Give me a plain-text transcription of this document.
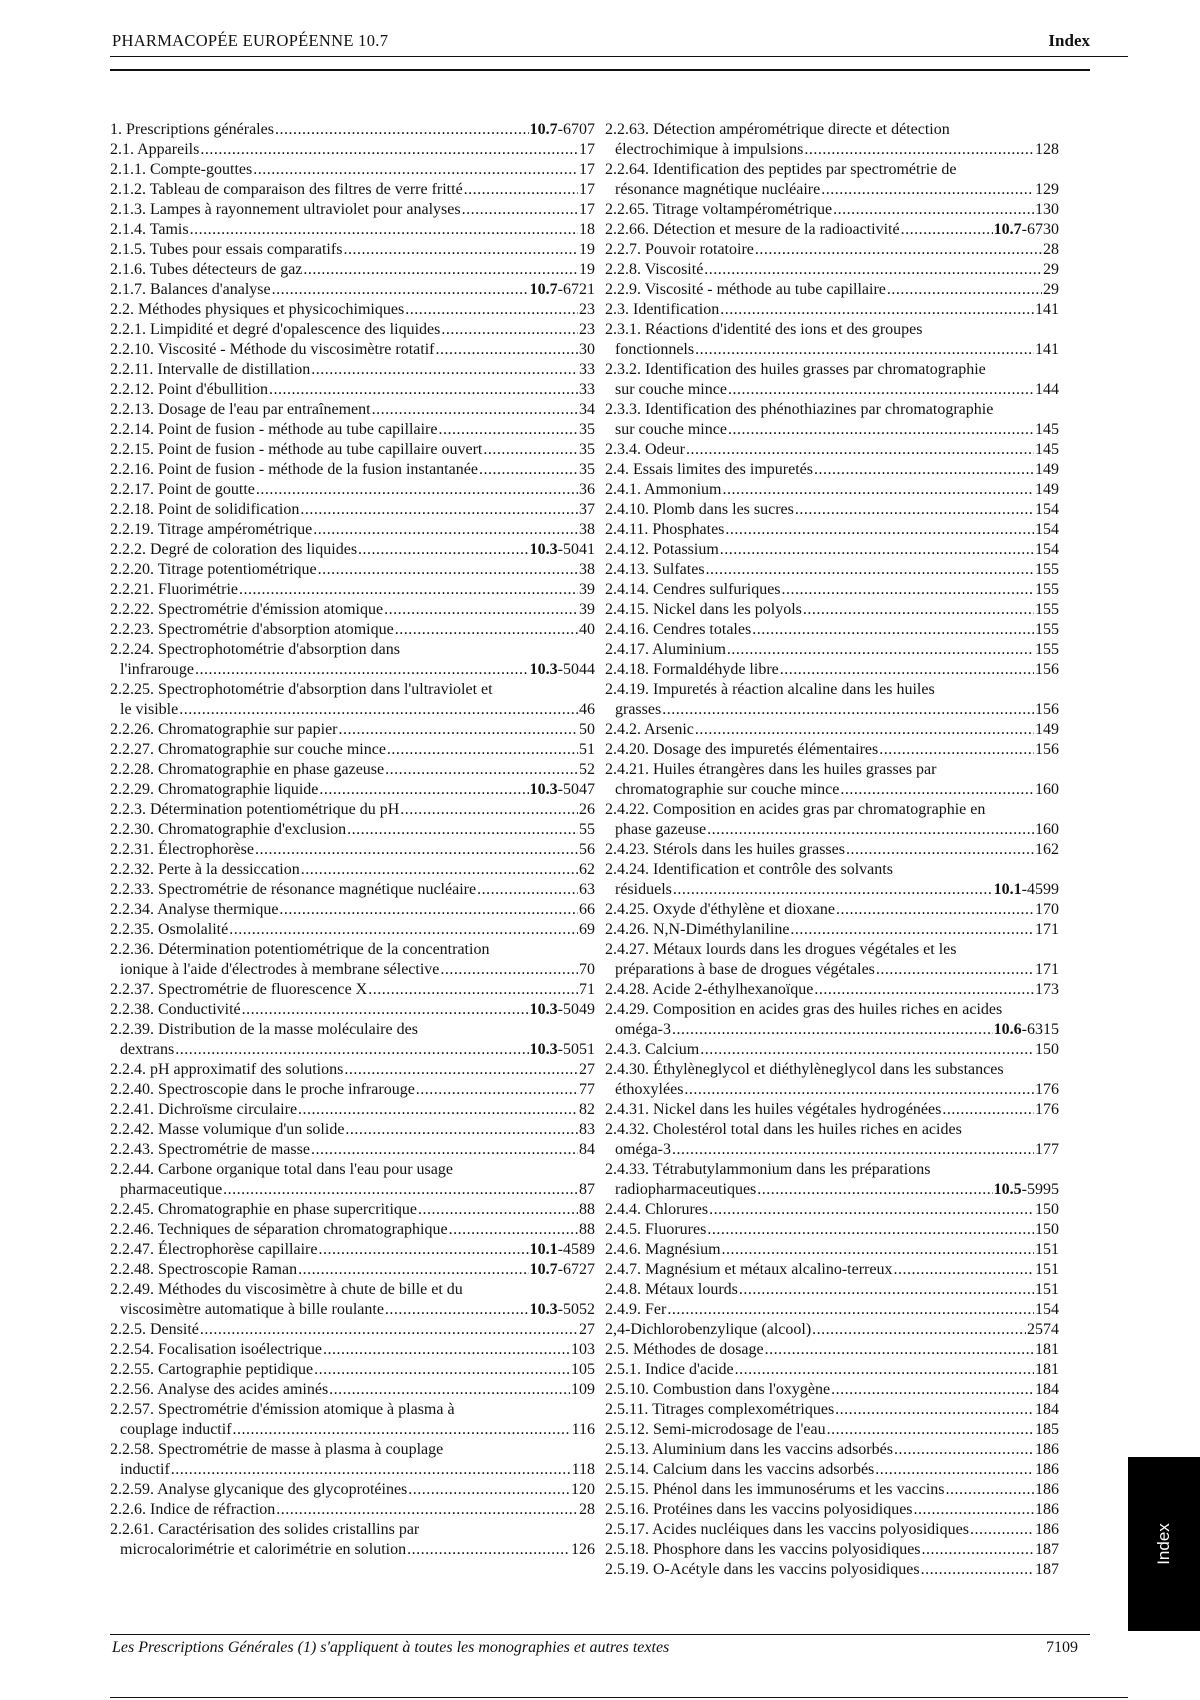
PHARMACOPÉE EUROPÉENNE 10.7	Index
1. Prescriptions générales .....	10.7-6707
2.1. Appareils .....	17
2.1.1. Compte-gouttes .....	17
2.1.2. Tableau de comparaison des filtres de verre fritté .....	17
2.1.3. Lampes à rayonnement ultraviolet pour analyses .....	17
2.1.4. Tamis .....	18
2.1.5. Tubes pour essais comparatifs .....	19
2.1.6. Tubes détecteurs de gaz .....	19
2.1.7. Balances d'analyse .....	10.7-6721
2.2. Méthodes physiques et physicochimiques .....	23
2.2.1. Limpidité et degré d'opalescence des liquides .....	23
2.2.10. Viscosité - Méthode du viscosimètre rotatif .....	30
2.2.11. Intervalle de distillation .....	33
2.2.12. Point d'ébullition .....	33
2.2.13. Dosage de l'eau par entraînement .....	34
2.2.14. Point de fusion - méthode au tube capillaire .....	35
2.2.15. Point de fusion - méthode au tube capillaire ouvert .....	35
2.2.16. Point de fusion - méthode de la fusion instantanée .....	35
2.2.17. Point de goutte .....	36
2.2.18. Point de solidification .....	37
2.2.19. Titrage ampérométrique .....	38
2.2.2. Degré de coloration des liquides .....	10.3-5041
2.2.20. Titrage potentiométrique .....	38
2.2.21. Fluorimétrie .....	39
2.2.22. Spectrométrie d'émission atomique .....	39
2.2.23. Spectrométrie d'absorption atomique .....	40
2.2.24. Spectrophotométrie d'absorption dans
l'infrarouge .....	10.3-5044
2.2.25. Spectrophotométrie d'absorption dans l'ultraviolet et
le visible .....	46
2.2.26. Chromatographie sur papier .....	50
2.2.27. Chromatographie sur couche mince .....	51
2.2.28. Chromatographie en phase gazeuse .....	52
2.2.29. Chromatographie liquide .....	10.3-5047
2.2.3. Détermination potentiométrique du pH .....	26
2.2.30. Chromatographie d'exclusion .....	55
2.2.31. Électrophorèse .....	56
2.2.32. Perte à la dessiccation .....	62
2.2.33. Spectrométrie de résonance magnétique nucléaire .....	63
2.2.34. Analyse thermique .....	66
2.2.35. Osmolalité .....	69
2.2.36. Détermination potentiométrique de la concentration
ionique à l'aide d'électrodes à membrane sélective .....	70
2.2.37. Spectrométrie de fluorescence X .....	71
2.2.38. Conductivité .....	10.3-5049
2.2.39. Distribution de la masse moléculaire des
dextrans .....	10.3-5051
2.2.4. pH approximatif des solutions .....	27
2.2.40. Spectroscopie dans le proche infrarouge .....	77
2.2.41. Dichroïsme circulaire .....	82
2.2.42. Masse volumique d'un solide .....	83
2.2.43. Spectrométrie de masse .....	84
2.2.44. Carbone organique total dans l'eau pour usage
pharmaceutique .....	87
2.2.45. Chromatographie en phase supercritique .....	88
2.2.46. Techniques de séparation chromatographique .....	88
2.2.47. Électrophorèse capillaire .....	10.1-4589
2.2.48. Spectroscopie Raman .....	10.7-6727
2.2.49. Méthodes du viscosimètre à chute de bille et du
viscosimètre automatique à bille roulante .....	10.3-5052
2.2.5. Densité .....	27
2.2.54. Focalisation isoélectrique .....	103
2.2.55. Cartographie peptidique .....	105
2.2.56. Analyse des acides aminés .....	109
2.2.57. Spectrométrie d'émission atomique à plasma à
couplage inductif .....	116
2.2.58. Spectrométrie de masse à plasma à couplage
inductif .....	118
2.2.59. Analyse glycanique des glycoprotéines .....	120
2.2.6. Indice de réfraction .....	28
2.2.61. Caractérisation des solides cristallins par
microcalorimétrie et calorimétrie en solution .....	126
2.2.63. Détection ampérométrique directe et détection
électrochimique à impulsions .....	128
2.2.64. Identification des peptides par spectrométrie de
résonance magnétique nucléaire .....	129
2.2.65. Titrage voltampérométrique .....	130
2.2.66. Détection et mesure de la radioactivité .....	10.7-6730
2.2.7. Pouvoir rotatoire .....	28
2.2.8. Viscosité .....	29
2.2.9. Viscosité - méthode au tube capillaire .....	29
2.3. Identification .....	141
2.3.1. Réactions d'identité des ions et des groupes
fonctionnels .....	141
2.3.2. Identification des huiles grasses par chromatographie
sur couche mince .....	144
2.3.3. Identification des phénothiazines par chromatographie
sur couche mince .....	145
2.3.4. Odeur .....	145
2.4. Essais limites des impuretés .....	149
2.4.1. Ammonium .....	149
2.4.10. Plomb dans les sucres .....	154
2.4.11. Phosphates .....	154
2.4.12. Potassium .....	154
2.4.13. Sulfates .....	155
2.4.14. Cendres sulfuriques .....	155
2.4.15. Nickel dans les polyols .....	155
2.4.16. Cendres totales .....	155
2.4.17. Aluminium .....	155
2.4.18. Formaldéhyde libre .....	156
2.4.19. Impuretés à réaction alcaline dans les huiles
grasses .....	156
2.4.2. Arsenic .....	149
2.4.20. Dosage des impuretés élémentaires .....	156
2.4.21. Huiles étrangères dans les huiles grasses par
chromatographie sur couche mince .....	160
2.4.22. Composition en acides gras par chromatographie en
phase gazeuse .....	160
2.4.23. Stérols dans les huiles grasses .....	162
2.4.24. Identification et contrôle des solvants
résiduels .....	10.1-4599
2.4.25. Oxyde d'éthylène et dioxane .....	170
2.4.26. N,N-Diméthylaniline .....	171
2.4.27. Métaux lourds dans les drogues végétales et les
préparations à base de drogues végétales .....	171
2.4.28. Acide 2-éthylhexanoïque .....	173
2.4.29. Composition en acides gras des huiles riches en acides
oméga-3 .....	10.6-6315
2.4.3. Calcium .....	150
2.4.30. Éthylèneglycol et diéthylèneglycol dans les substances
éthoxylées .....	176
2.4.31. Nickel dans les huiles végétales hydrogénées .....	176
2.4.32. Cholestérol total dans les huiles riches en acides
oméga-3 .....	177
2.4.33. Tétrabutylammonium dans les préparations
radiopharmaceutiques .....	10.5-5995
2.4.4. Chlorures .....	150
2.4.5. Fluorures .....	150
2.4.6. Magnésium .....	151
2.4.7. Magnésium et métaux alcalino-terreux .....	151
2.4.8. Métaux lourds .....	151
2.4.9. Fer .....	154
2,4-Dichlorobenzylique (alcool) .....	2574
2.5. Méthodes de dosage .....	181
2.5.1. Indice d'acide .....	181
2.5.10. Combustion dans l'oxygène .....	184
2.5.11. Titrages complexométriques .....	184
2.5.12. Semi-microdosage de l'eau .....	185
2.5.13. Aluminium dans les vaccins adsorbés .....	186
2.5.14. Calcium dans les vaccins adsorbés .....	186
2.5.15. Phénol dans les immunosérums et les vaccins .....	186
2.5.16. Protéines dans les vaccins polyosidiques .....	186
2.5.17. Acides nucléiques dans les vaccins polyosidiques .....	186
2.5.18. Phosphore dans les vaccins polyosidiques .....	187
2.5.19. O-Acétyle dans les vaccins polyosidiques .....	187
Index
Les Prescriptions Générales (1) s'appliquent à toutes les monographies et autres textes	7109
